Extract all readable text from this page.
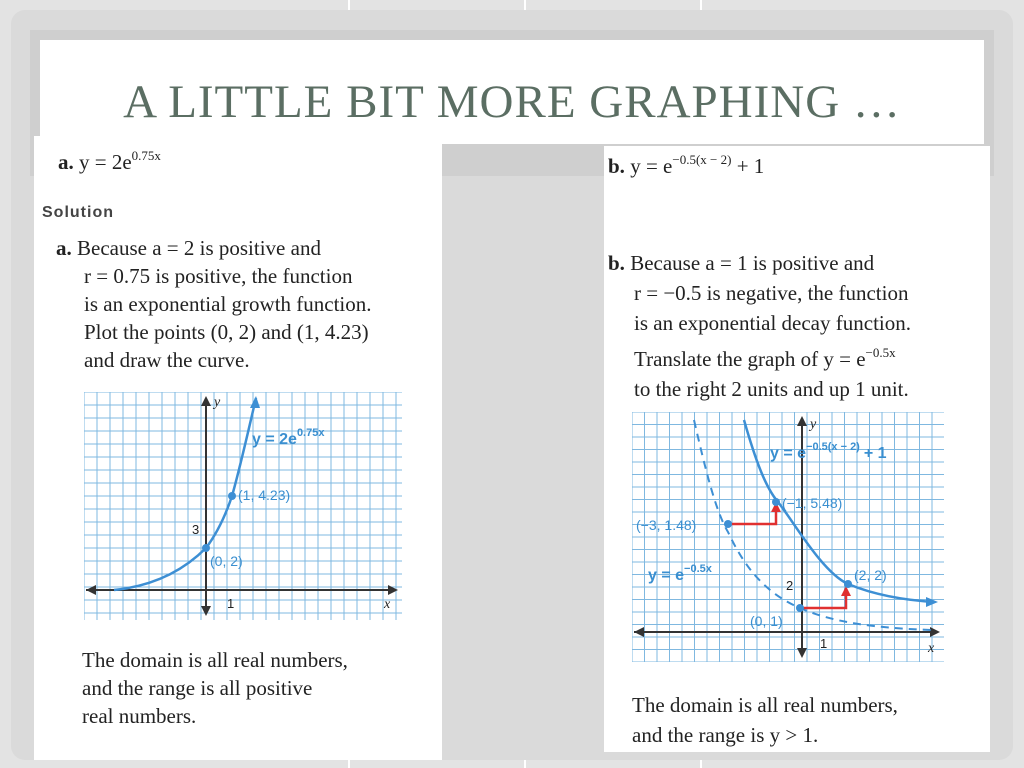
A LITTLE BIT MORE GRAPHING …
a. $y = 2e^{0.75x}$
Solution
a. Because a = 2 is positive and
r = 0.75 is positive, the function
is an exponential growth function.
Plot the points (0, 2) and (1, 4.23)
and draw the curve.
$y = 2e^{0.75x}$
(1, 4.23)
(0, 2)
3
1	x
y
The domain is all real numbers,
and the range is all positive
real numbers.
b. $y = e^{-0.5(x - 2)} + 1$
b. Because a = 1 is positive and
r = −0.5 is negative, the function
is an exponential decay function.
Translate the graph of $y = e^{-0.5x}$
to the right 2 units and up 1 unit.
$y = e^{-0.5(x - 2)} + 1$
$y = e^{-0.5x}$
(−1, 5.48)
(−3, 1.48)
(2, 2)
(0, 1)
2
1	x
y
The domain is all real numbers,
and the range is y > 1.
